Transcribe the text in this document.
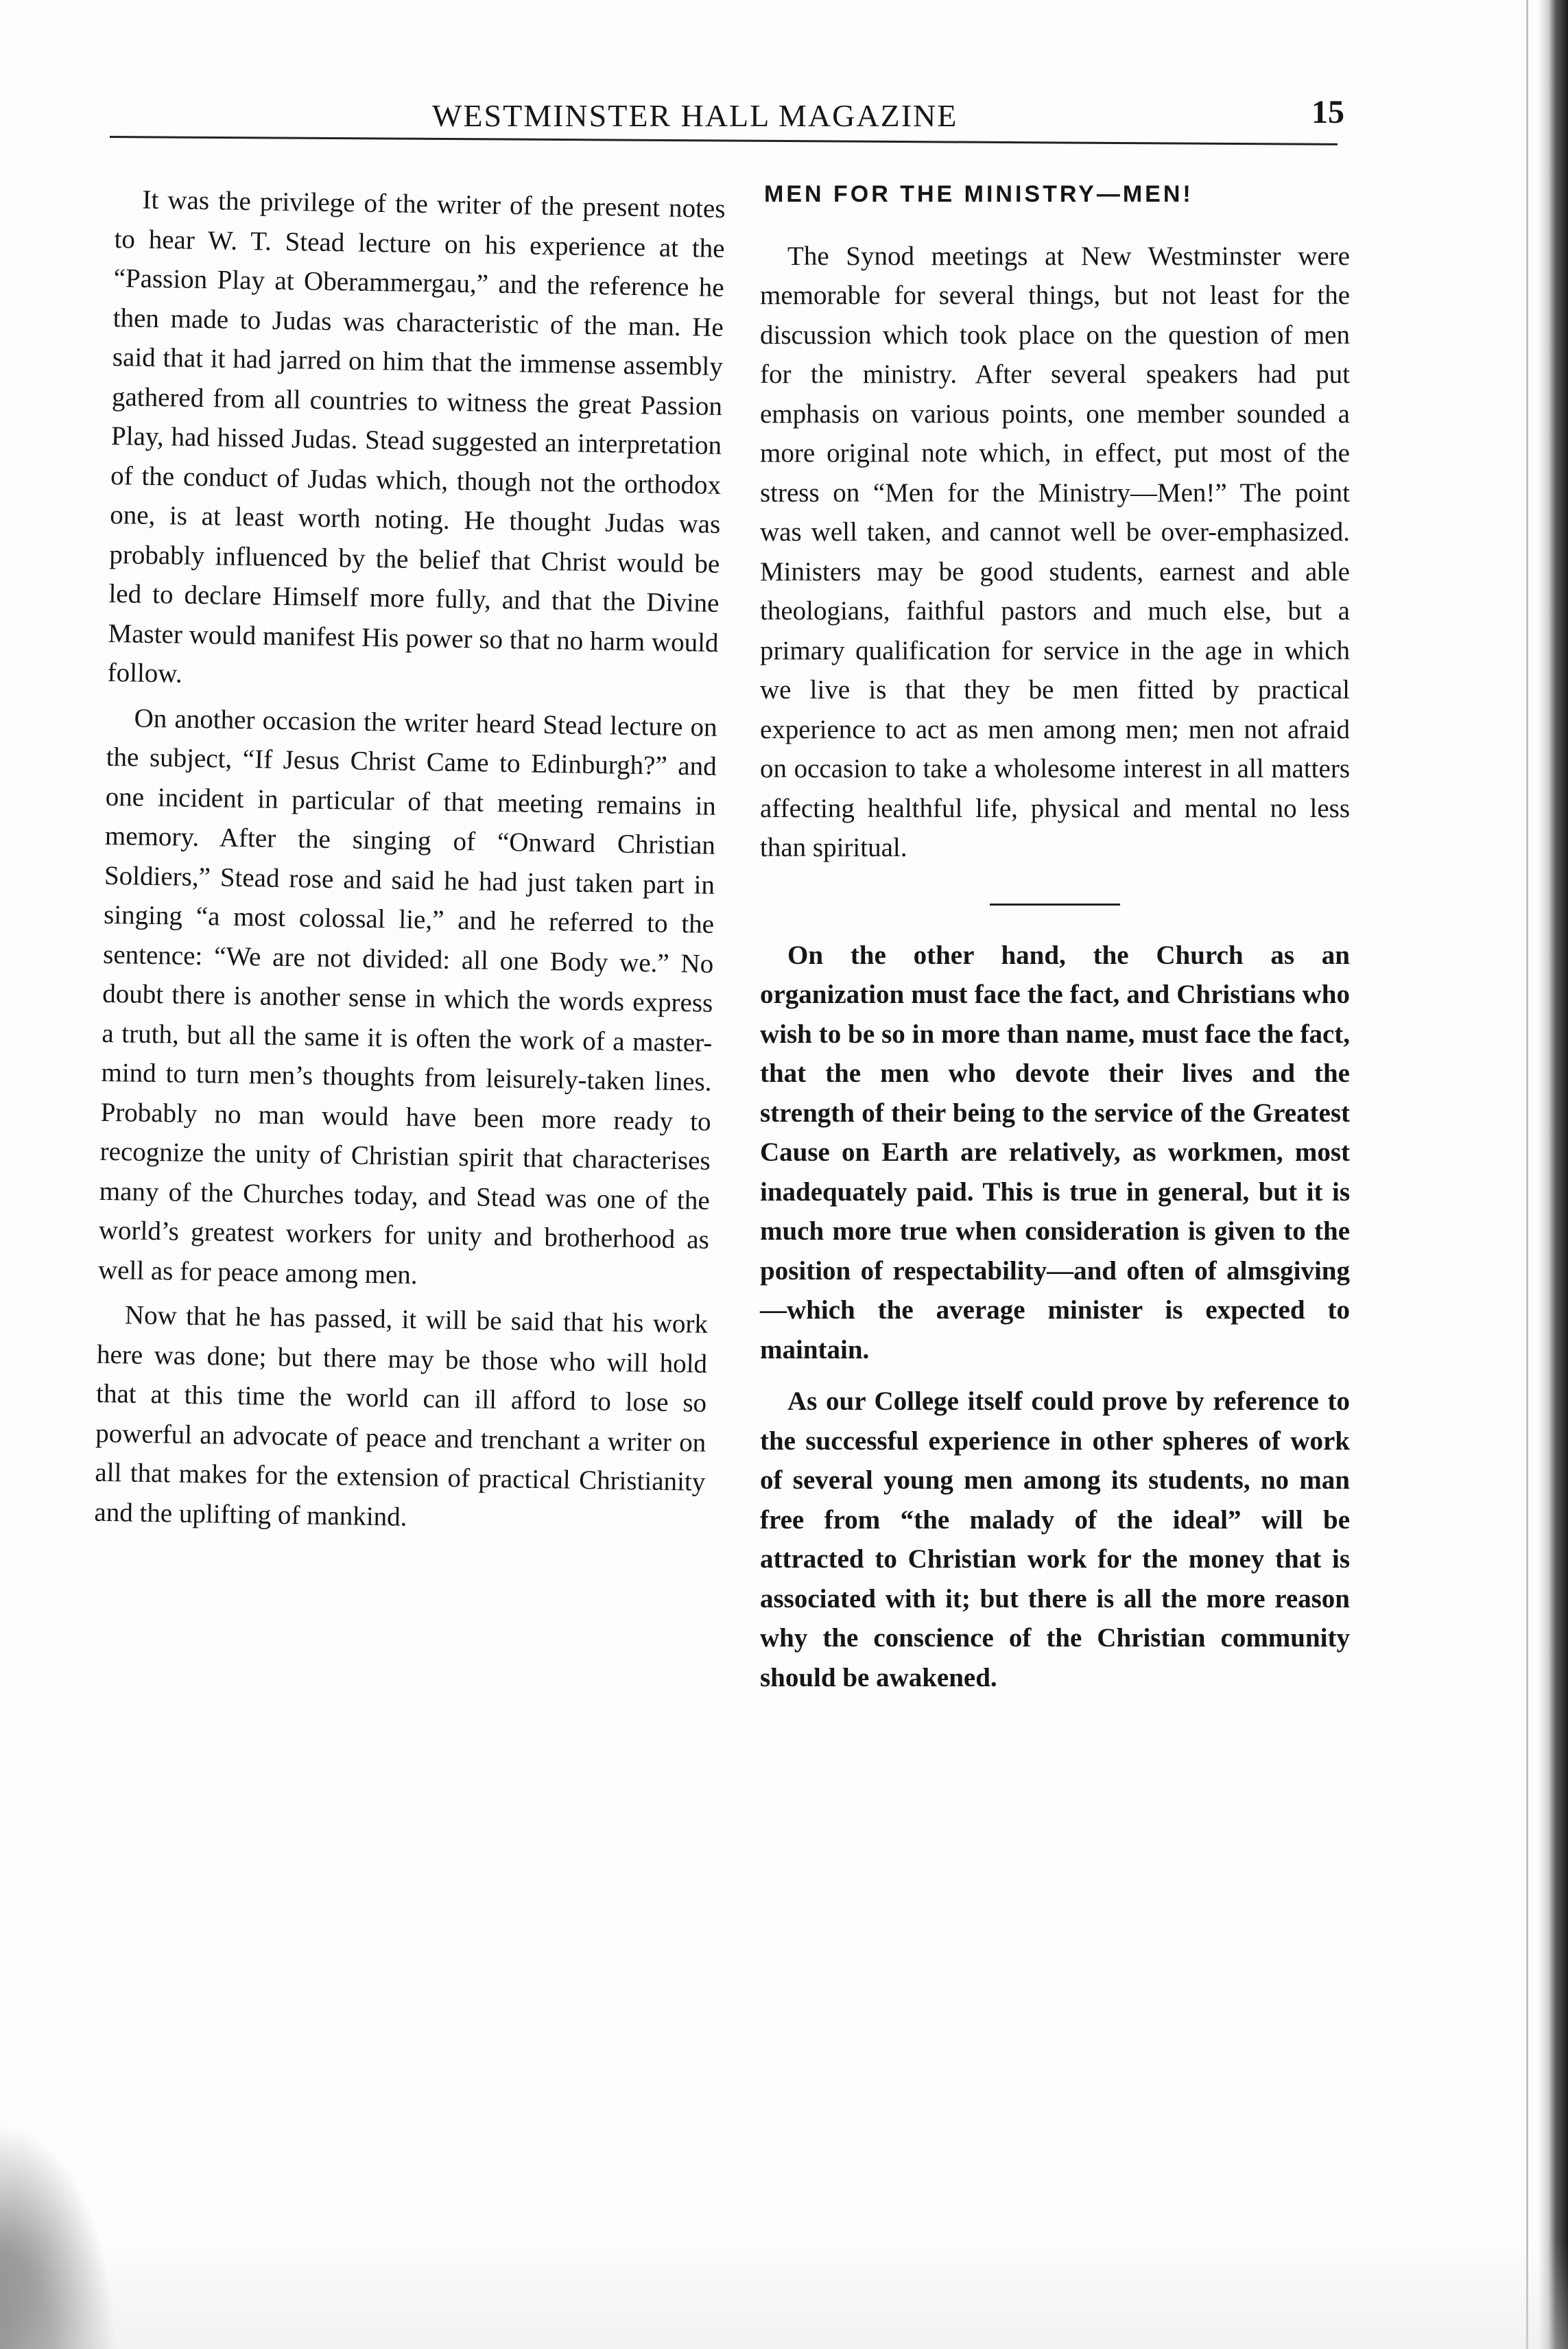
WESTMINSTER HALL MAGAZINE	15

It was the privilege of the writer of the present notes to hear W. T. Stead lecture on his experience at the “Passion Play at Oberammergau,” and the reference he then made to Judas was characteristic of the man. He said that it had jarred on him that the immense assembly gathered from all countries to witness the great Passion Play, had hissed Judas. Stead suggested an interpretation of the conduct of Judas which, though not the orthodox one, is at least worth noting. He thought Judas was probably influenced by the belief that Christ would be led to declare Himself more fully, and that the Divine Master would manifest His power so that no harm would follow.

On another occasion the writer heard Stead lecture on the subject, “If Jesus Christ Came to Edinburgh?” and one incident in particular of that meeting remains in memory. After the singing of “Onward Christian Soldiers,” Stead rose and said he had just taken part in singing “a most colossal lie,” and he referred to the sentence: “We are not divided: all one Body we.” No doubt there is another sense in which the words express a truth, but all the same it is often the work of a master-mind to turn men’s thoughts from leisurely-taken lines. Probably no man would have been more ready to recognize the unity of Christian spirit that characterises many of the Churches today, and Stead was one of the world’s greatest workers for unity and brotherhood as well as for peace among men.

Now that he has passed, it will be said that his work here was done; but there may be those who will hold that at this time the world can ill afford to lose so powerful an advocate of peace and trenchant a writer on all that makes for the extension of practical Christianity and the uplifting of mankind.

MEN FOR THE MINISTRY—MEN!

The Synod meetings at New Westminster were memorable for several things, but not least for the discussion which took place on the question of men for the ministry. After several speakers had put emphasis on various points, one member sounded a more original note which, in effect, put most of the stress on “Men for the Ministry—Men!” The point was well taken, and cannot well be over-emphasized. Ministers may be good students, earnest and able theologians, faithful pastors and much else, but a primary qualification for service in the age in which we live is that they be men fitted by practical experience to act as men among men; men not afraid on occasion to take a wholesome interest in all matters affecting healthful life, physical and mental no less than spiritual.

On the other hand, the Church as an organization must face the fact, and Christians who wish to be so in more than name, must face the fact, that the men who devote their lives and the strength of their being to the service of the Greatest Cause on Earth are relatively, as workmen, most inadequately paid. This is true in general, but it is much more true when consideration is given to the position of respectability—and often of almsgiving—which the average minister is expected to maintain.

As our College itself could prove by reference to the successful experience in other spheres of work of several young men among its students, no man free from “the malady of the ideal” will be attracted to Christian work for the money that is associated with it; but there is all the more reason why the conscience of the Christian community should be awakened.
